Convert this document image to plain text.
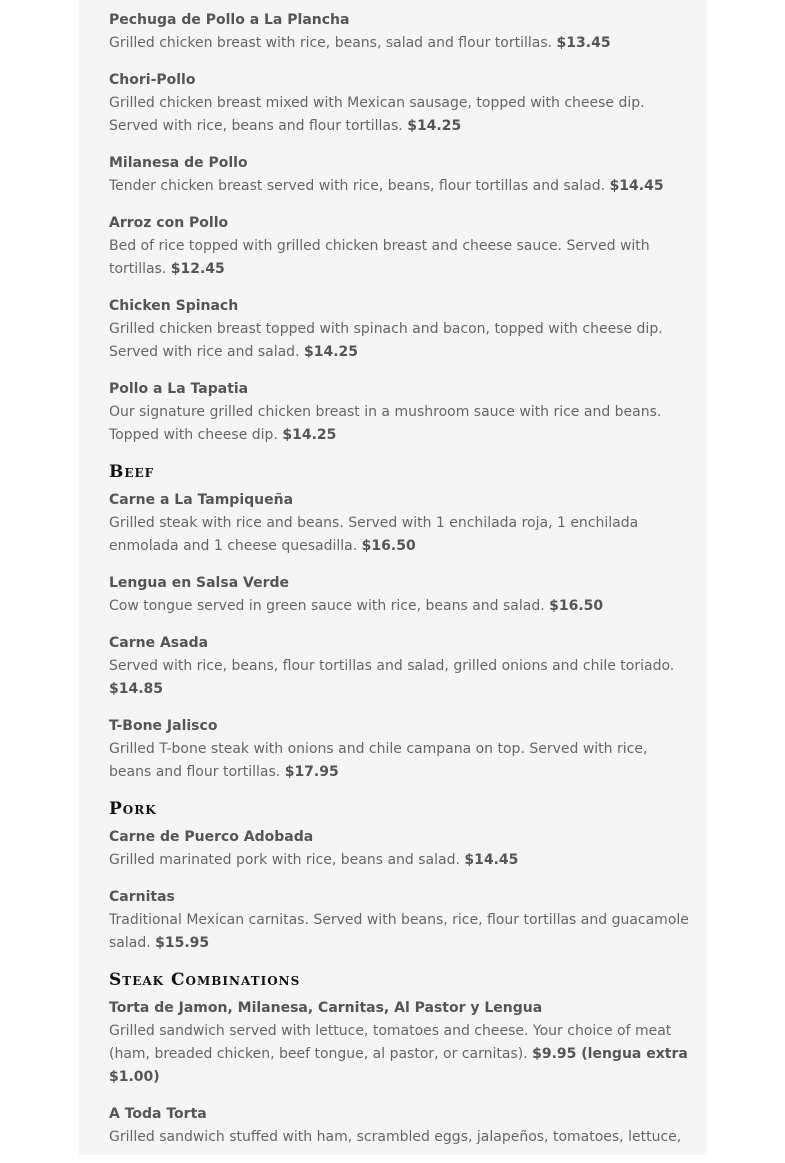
Pechuga de Pollo a La Plancha
Grilled chicken breast with rice, beans, salad and flour tortillas. $13.45
Chori-Pollo
Grilled chicken breast mixed with Mexican sausage, topped with cheese dip. Served with rice, beans and flour tortillas. $14.25
Milanesa de Pollo
Tender chicken breast served with rice, beans, flour tortillas and salad. $14.45
Arroz con Pollo
Bed of rice topped with grilled chicken breast and cheese sauce. Served with tortillas. $12.45
Chicken Spinach
Grilled chicken breast topped with spinach and bacon, topped with cheese dip. Served with rice and salad. $14.25
Pollo a La Tapatia
Our signature grilled chicken breast in a mushroom sauce with rice and beans. Topped with cheese dip. $14.25
Beef
Carne a La Tampiqueña
Grilled steak with rice and beans. Served with 1 enchilada roja, 1 enchilada enmolada and 1 cheese quesadilla. $16.50
Lengua en Salsa Verde
Cow tongue served in green sauce with rice, beans and salad. $16.50
Carne Asada
Served with rice, beans, flour tortillas and salad, grilled onions and chile toriado. $14.85
T-Bone Jalisco
Grilled T-bone steak with onions and chile campana on top. Served with rice, beans and flour tortillas. $17.95
Pork
Carne de Puerco Adobada
Grilled marinated pork with rice, beans and salad. $14.45
Carnitas
Traditional Mexican carnitas. Served with beans, rice, flour tortillas and guacamole salad. $15.95
Steak Combinations
Torta de Jamon, Milanesa, Carnitas, Al Pastor y Lengua
Grilled sandwich served with lettuce, tomatoes and cheese. Your choice of meat (ham, breaded chicken, beef tongue, al pastor, or carnitas). $9.95 (lengua extra $1.00)
A Toda Torta
Grilled sandwich stuffed with ham, scrambled eggs, jalapeños, tomatoes, lettuce,
